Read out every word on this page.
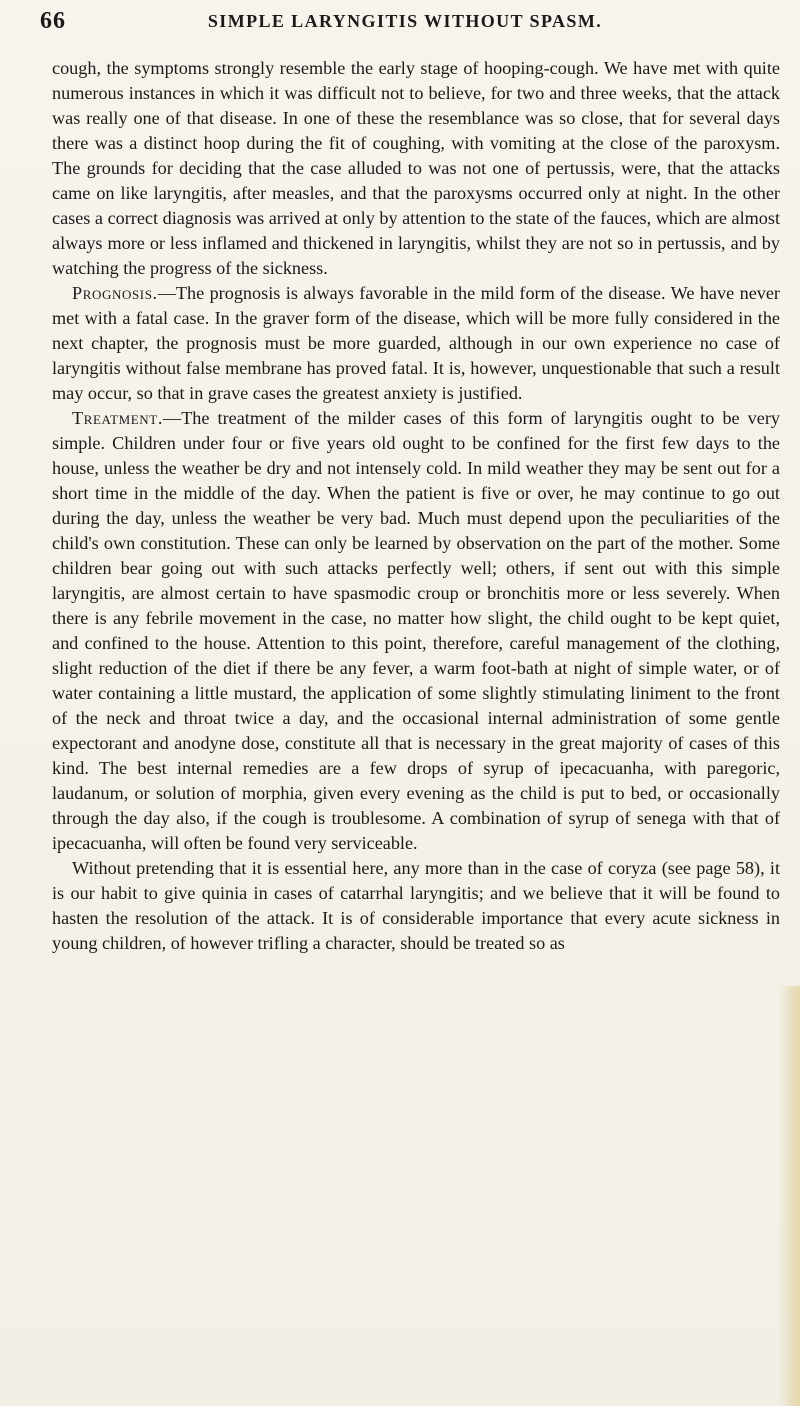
66	SIMPLE LARYNGITIS WITHOUT SPASM.

cough, the symptoms strongly resemble the early stage of hooping-cough. We have met with quite numerous instances in which it was difficult not to believe, for two and three weeks, that the attack was really one of that disease. In one of these the resemblance was so close, that for several days there was a distinct hoop during the fit of coughing, with vomiting at the close of the paroxysm. The grounds for deciding that the case alluded to was not one of pertussis, were, that the attacks came on like laryngitis, after measles, and that the paroxysms occurred only at night. In the other cases a correct diagnosis was arrived at only by attention to the state of the fauces, which are almost always more or less inflamed and thickened in laryngitis, whilst they are not so in pertussis, and by watching the progress of the sickness.

Prognosis.—The prognosis is always favorable in the mild form of the disease. We have never met with a fatal case. In the graver form of the disease, which will be more fully considered in the next chapter, the prognosis must be more guarded, although in our own experience no case of laryngitis without false membrane has proved fatal. It is, however, unquestionable that such a result may occur, so that in grave cases the greatest anxiety is justified.

Treatment.—The treatment of the milder cases of this form of laryngitis ought to be very simple. Children under four or five years old ought to be confined for the first few days to the house, unless the weather be dry and not intensely cold. In mild weather they may be sent out for a short time in the middle of the day. When the patient is five or over, he may continue to go out during the day, unless the weather be very bad. Much must depend upon the peculiarities of the child's own constitution. These can only be learned by observation on the part of the mother. Some children bear going out with such attacks perfectly well; others, if sent out with this simple laryngitis, are almost certain to have spasmodic croup or bronchitis more or less severely. When there is any febrile movement in the case, no matter how slight, the child ought to be kept quiet, and confined to the house. Attention to this point, therefore, careful management of the clothing, slight reduction of the diet if there be any fever, a warm foot-bath at night of simple water, or of water containing a little mustard, the application of some slightly stimulating liniment to the front of the neck and throat twice a day, and the occasional internal administration of some gentle expectorant and anodyne dose, constitute all that is necessary in the great majority of cases of this kind. The best internal remedies are a few drops of syrup of ipecacuanha, with paregoric, laudanum, or solution of morphia, given every evening as the child is put to bed, or occasionally through the day also, if the cough is troublesome. A combination of syrup of senega with that of ipecacuanha, will often be found very serviceable.

Without pretending that it is essential here, any more than in the case of coryza (see page 58), it is our habit to give quinia in cases of catarrhal laryngitis; and we believe that it will be found to hasten the resolution of the attack. It is of considerable importance that every acute sickness in young children, of however trifling a character, should be treated so as
